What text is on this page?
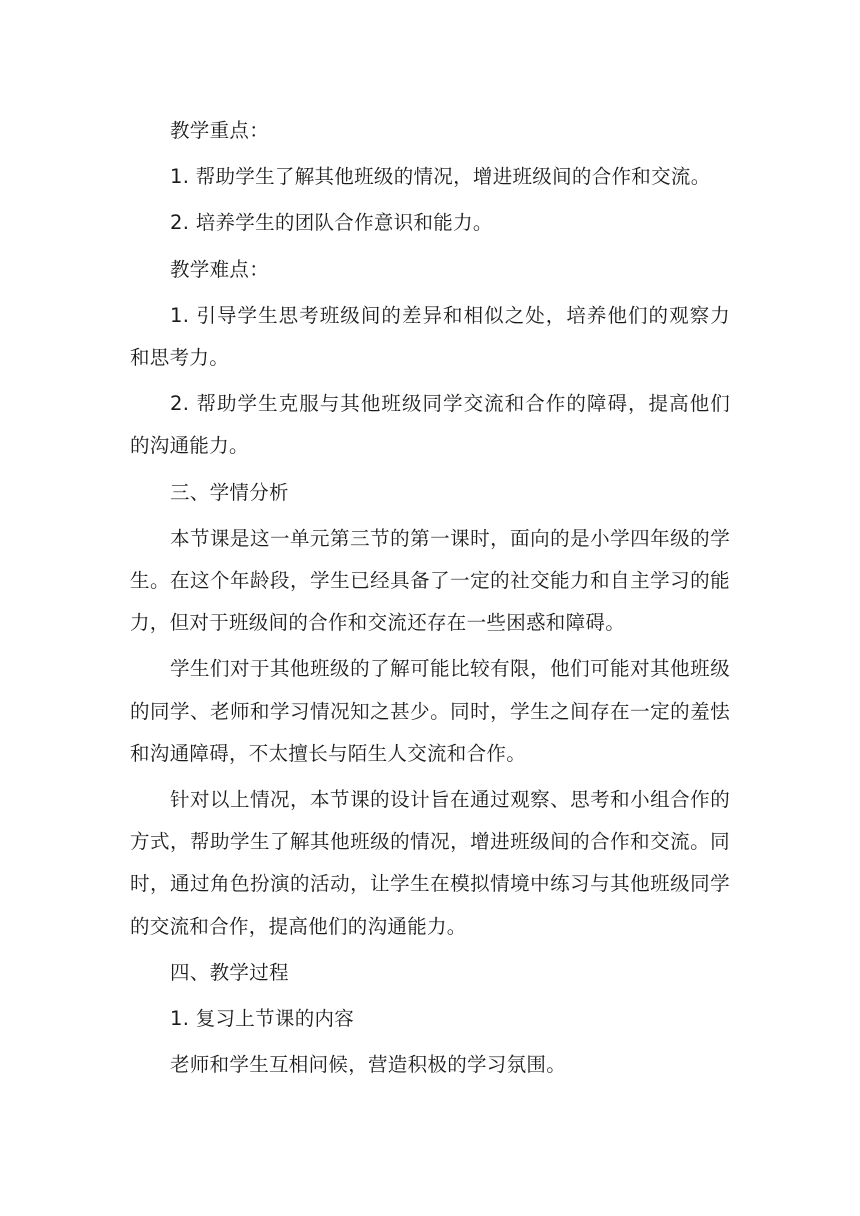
教学重点：

1. 帮助学生了解其他班级的情况，增进班级间的合作和交流。

2. 培养学生的团队合作意识和能力。

教学难点：

1. 引导学生思考班级间的差异和相似之处，培养他们的观察力和思考力。

2. 帮助学生克服与其他班级同学交流和合作的障碍，提高他们的沟通能力。

三、学情分析

本节课是这一单元第三节的第一课时，面向的是小学四年级的学生。在这个年龄段，学生已经具备了一定的社交能力和自主学习的能力，但对于班级间的合作和交流还存在一些困惑和障碍。

学生们对于其他班级的了解可能比较有限，他们可能对其他班级的同学、老师和学习情况知之甚少。同时，学生之间存在一定的羞怯和沟通障碍，不太擅长与陌生人交流和合作。

针对以上情况，本节课的设计旨在通过观察、思考和小组合作的方式，帮助学生了解其他班级的情况，增进班级间的合作和交流。同时，通过角色扮演的活动，让学生在模拟情境中练习与其他班级同学的交流和合作，提高他们的沟通能力。

四、教学过程

1. 复习上节课的内容

老师和学生互相问候，营造积极的学习氛围。
